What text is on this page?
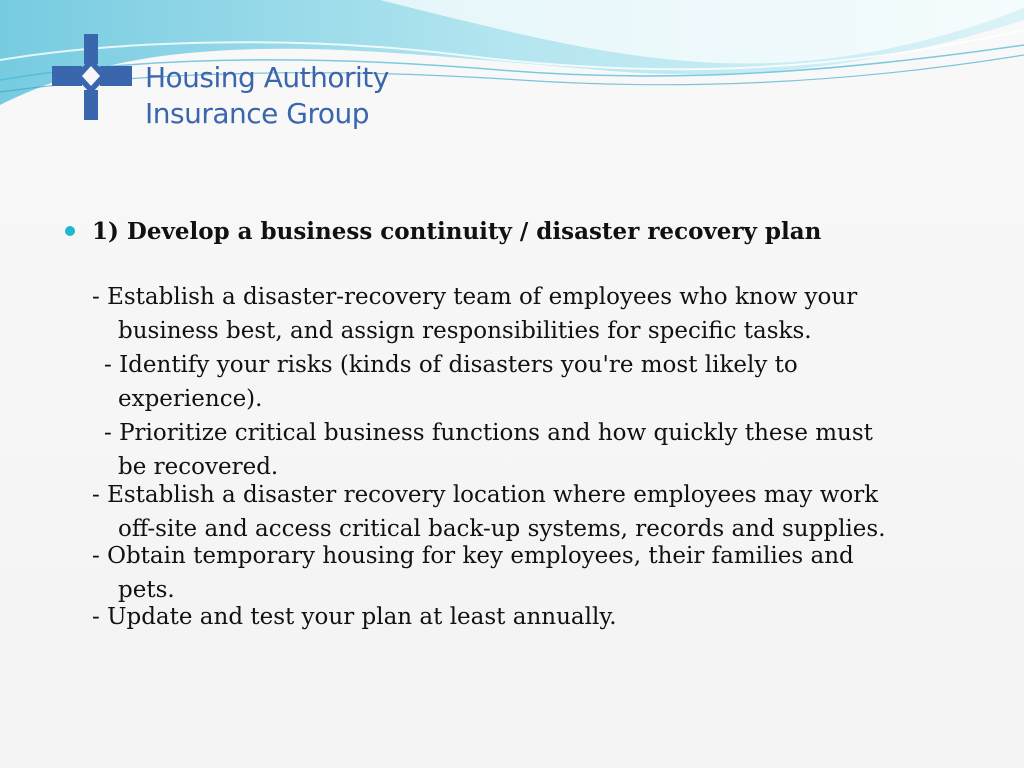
Housing Authority
Insurance Group
1) Develop a business continuity / disaster recovery plan
- Establish a disaster-recovery team of employees who know your
business best, and assign responsibilities for specific tasks.
- Identify your risks (kinds of disasters you're most likely to
experience).
- Prioritize critical business functions and how quickly these must
be recovered.
- Establish a disaster recovery location where employees may work
off-site and access critical back-up systems, records and supplies.
- Obtain temporary housing for key employees, their families and
pets.
- Update and test your plan at least annually.
